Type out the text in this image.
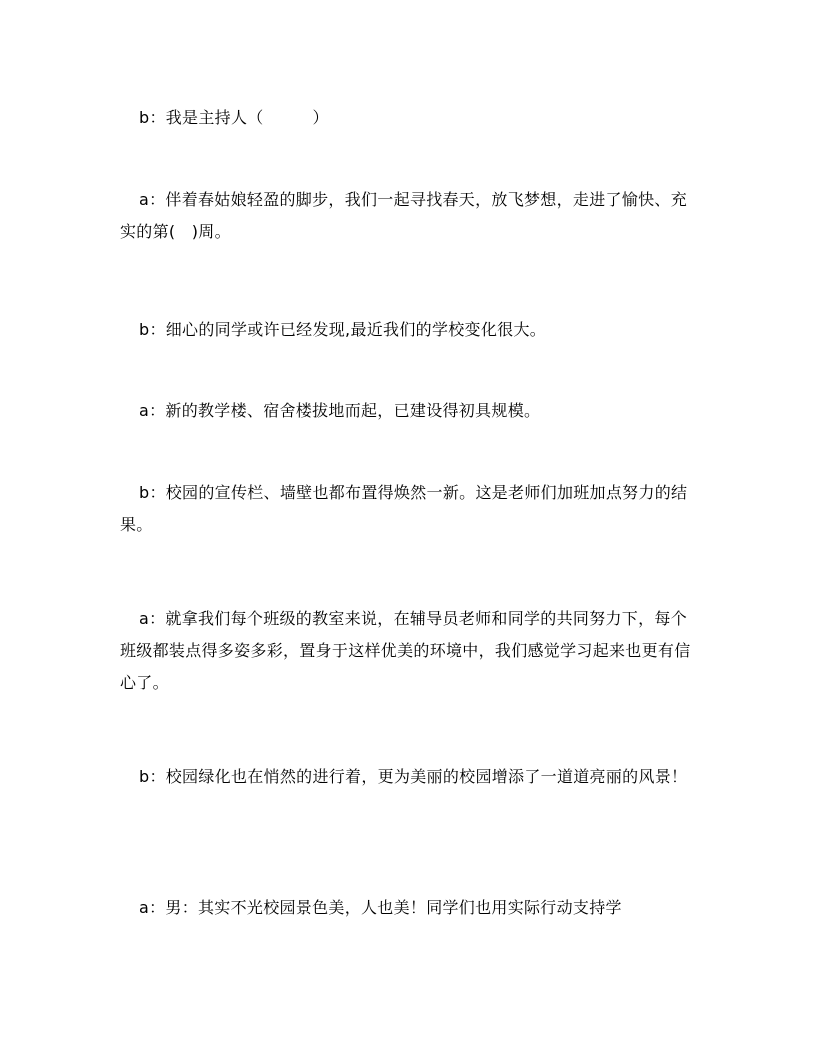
b：我是主持人（　　　）

a：伴着春姑娘轻盈的脚步，我们一起寻找春天，放飞梦想，走进了愉快、充实的第(　)周。

b：细心的同学或许已经发现,最近我们的学校变化很大。

a：新的教学楼、宿舍楼拔地而起，已建设得初具规模。

b：校园的宣传栏、墙壁也都布置得焕然一新。这是老师们加班加点努力的结果。

a：就拿我们每个班级的教室来说，在辅导员老师和同学的共同努力下，每个班级都装点得多姿多彩，置身于这样优美的环境中，我们感觉学习起来也更有信心了。

b：校园绿化也在悄然的进行着，更为美丽的校园增添了一道道亮丽的风景！

a：男：其实不光校园景色美，人也美！同学们也用实际行动支持学
